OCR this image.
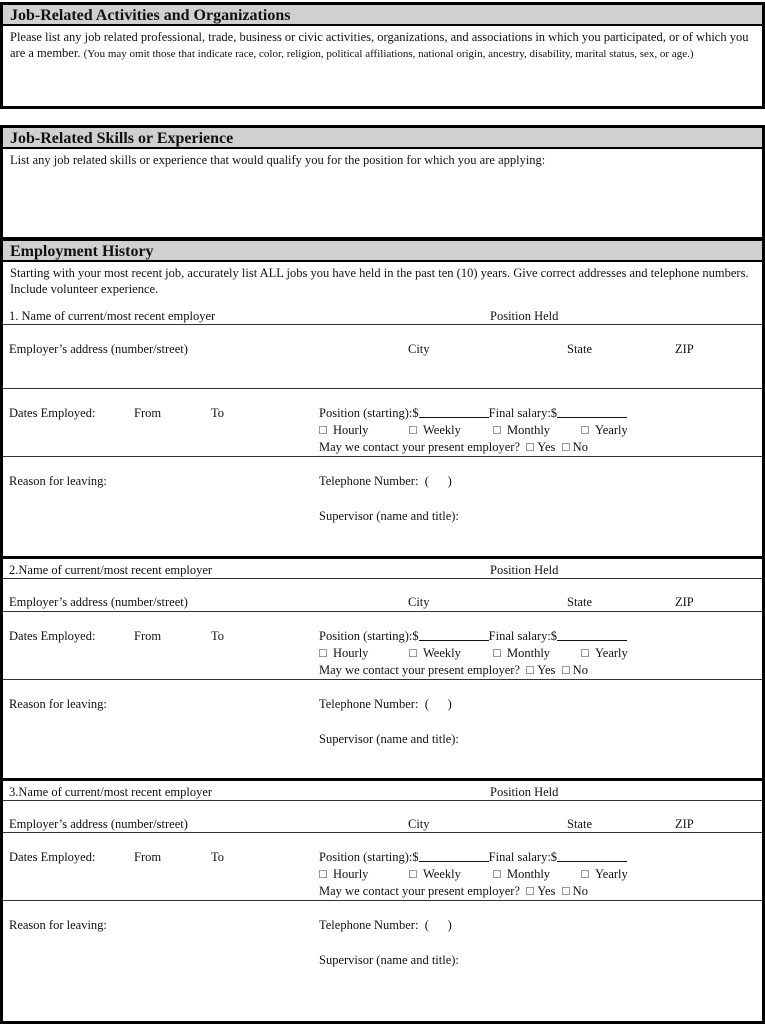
Job-Related Activities and Organizations
Please list any job related professional, trade, business or civic activities, organizations, and associations in which you participated, or of which you are a member. (You may omit those that indicate race, color, religion, political affiliations, national origin, ancestry, disability, marital status, sex, or age.)
Job-Related Skills or Experience
List any job related skills or experience that would qualify you for the position for which you are applying:
Employment History
Starting with your most recent job, accurately list ALL jobs you have held in the past ten (10) years. Give correct addresses and telephone numbers. Include volunteer experience.
1. Name of current/most recent employer	Position Held
Employer’s address (number/street)	City	State	ZIP
Dates Employed:	From	To	Position (starting):$	Final salary:$
Hourly	Weekly	Monthly	Yearly
May we contact your present employer? Yes No
Reason for leaving:	Telephone Number:  (      )
Supervisor (name and title):
2.Name of current/most recent employer	Position Held
Employer’s address (number/street)	City	State	ZIP
Dates Employed:	From	To	Position (starting):$	Final salary:$
Hourly	Weekly	Monthly	Yearly
May we contact your present employer? Yes No
Reason for leaving:	Telephone Number:  (      )
Supervisor (name and title):
3.Name of current/most recent employer	Position Held
Employer’s address (number/street)	City	State	ZIP
Dates Employed:	From	To	Position (starting):$	Final salary:$
Hourly	Weekly	Monthly	Yearly
May we contact your present employer? Yes No
Reason for leaving:	Telephone Number:  (      )
Supervisor (name and title):
